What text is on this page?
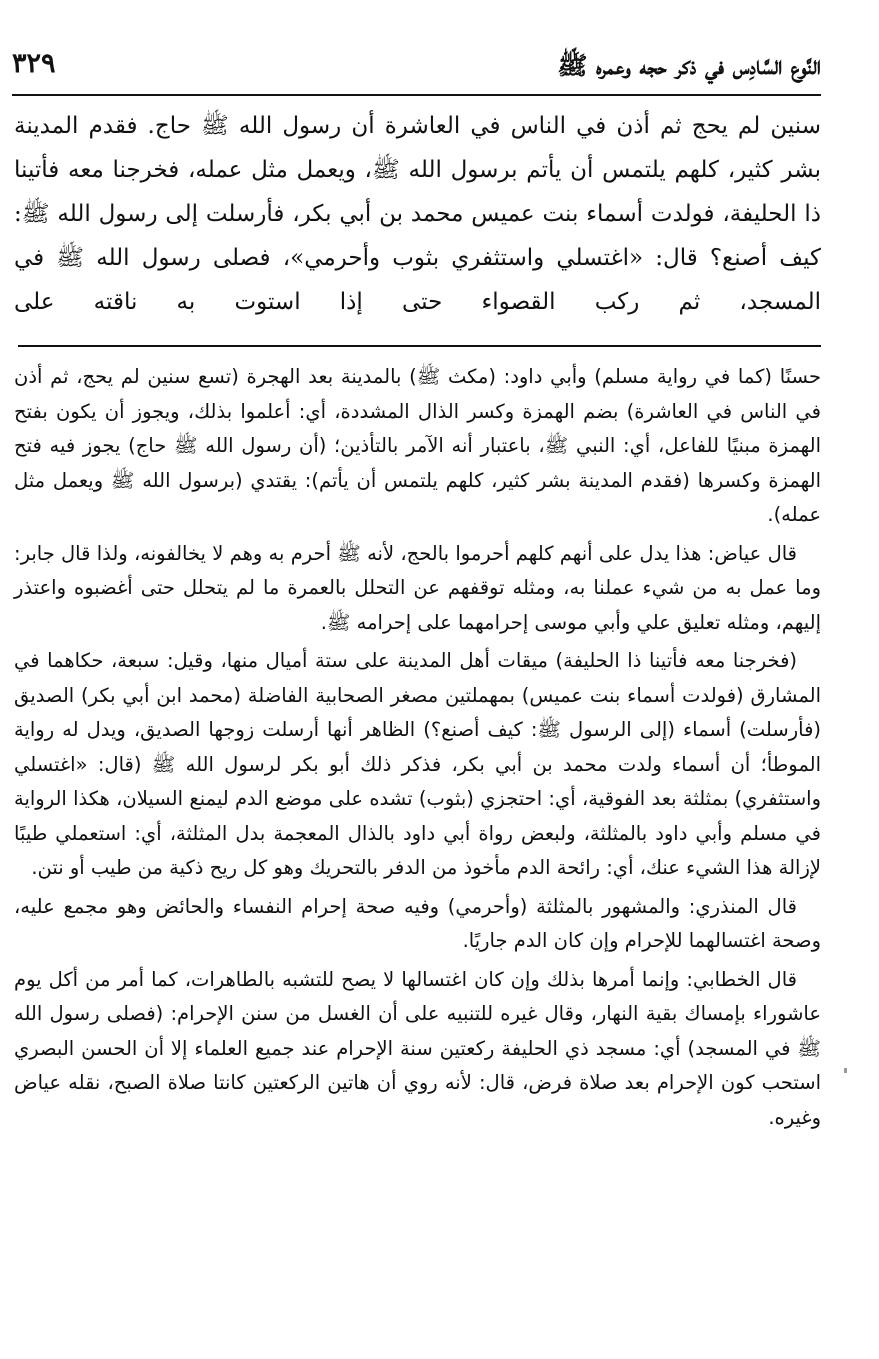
٣٢٩	النَّوع السَّادِس في ذكر حجه وعمره ﷺ

سنين لم يحج ثم أذن في الناس في العاشرة أن رسول الله ﷺ حاج. فقدم المدينة بشر كثير، كلهم يلتمس أن يأتم برسول الله ﷺ، ويعمل مثل عمله، فخرجنا معه فأتينا ذا الحليفة، فولدت أسماء بنت عميس محمد بن أبي بكر، فأرسلت إلى رسول الله ﷺ: كيف أصنع؟ قال: «اغتسلي واستثفري بثوب وأحرمي»، فصلى رسول الله ﷺ في المسجد، ثم ركب القصواء حتى إذا استوت به ناقته على

حسنًا (كما في رواية مسلم) وأبي داود: (مكث ﷺ) بالمدينة بعد الهجرة (تسع سنين لم يحج، ثم أذن في الناس في العاشرة) بضم الهمزة وكسر الذال المشددة، أي: أعلموا بذلك، ويجوز أن يكون بفتح الهمزة مبنيًا للفاعل، أي: النبي ﷺ، باعتبار أنه الآمر بالتأذين؛ (أن رسول الله ﷺ حاج) يجوز فيه فتح الهمزة وكسرها (فقدم المدينة بشر كثير، كلهم يلتمس أن يأتم): يقتدي (برسول الله ﷺ ويعمل مثل عمله).

قال عياض: هذا يدل على أنهم كلهم أحرموا بالحج، لأنه ﷺ أحرم به وهم لا يخالفونه، ولذا قال جابر: وما عمل به من شيء عملنا به، ومثله توقفهم عن التحلل بالعمرة ما لم يتحلل حتى أغضبوه واعتذر إليهم، ومثله تعليق علي وأبي موسى إحرامهما على إحرامه ﷺ.

(فخرجنا معه فأتينا ذا الحليفة) ميقات أهل المدينة على ستة أميال منها، وقيل: سبعة، حكاهما في المشارق (فولدت أسماء بنت عميس) بمهملتين مصغر الصحابية الفاضلة (محمد ابن أبي بكر) الصديق (فأرسلت) أسماء (إلى الرسول ﷺ: كيف أصنع؟) الظاهر أنها أرسلت زوجها الصديق، ويدل له رواية الموطأ؛ أن أسماء ولدت محمد بن أبي بكر، فذكر ذلك أبو بكر لرسول الله ﷺ (قال: «اغتسلي واستثفري) بمثلثة بعد الفوقية، أي: احتجزي (بثوب) تشده على موضع الدم ليمنع السيلان، هكذا الرواية في مسلم وأبي داود بالمثلثة، ولبعض رواة أبي داود بالذال المعجمة بدل المثلثة، أي: استعملي طيبًا لإزالة هذا الشيء عنك، أي: رائحة الدم مأخوذ من الدفر بالتحريك وهو كل ريح ذكية من طيب أو نتن.

قال المنذري: والمشهور بالمثلثة (وأحرمي) وفيه صحة إحرام النفساء والحائض وهو مجمع عليه، وصحة اغتسالهما للإحرام وإن كان الدم جاريًا.

قال الخطابي: وإنما أمرها بذلك وإن كان اغتسالها لا يصح للتشبه بالطاهرات، كما أمر من أكل يوم عاشوراء بإمساك بقية النهار، وقال غيره للتنبيه على أن الغسل من سنن الإحرام: (فصلى رسول الله ﷺ في المسجد) أي: مسجد ذي الحليفة ركعتين سنة الإحرام عند جميع العلماء إلا أن الحسن البصري استحب كون الإحرام بعد صلاة فرض، قال: لأنه روي أن هاتين الركعتين كانتا صلاة الصبح، نقله عياض وغيره.
